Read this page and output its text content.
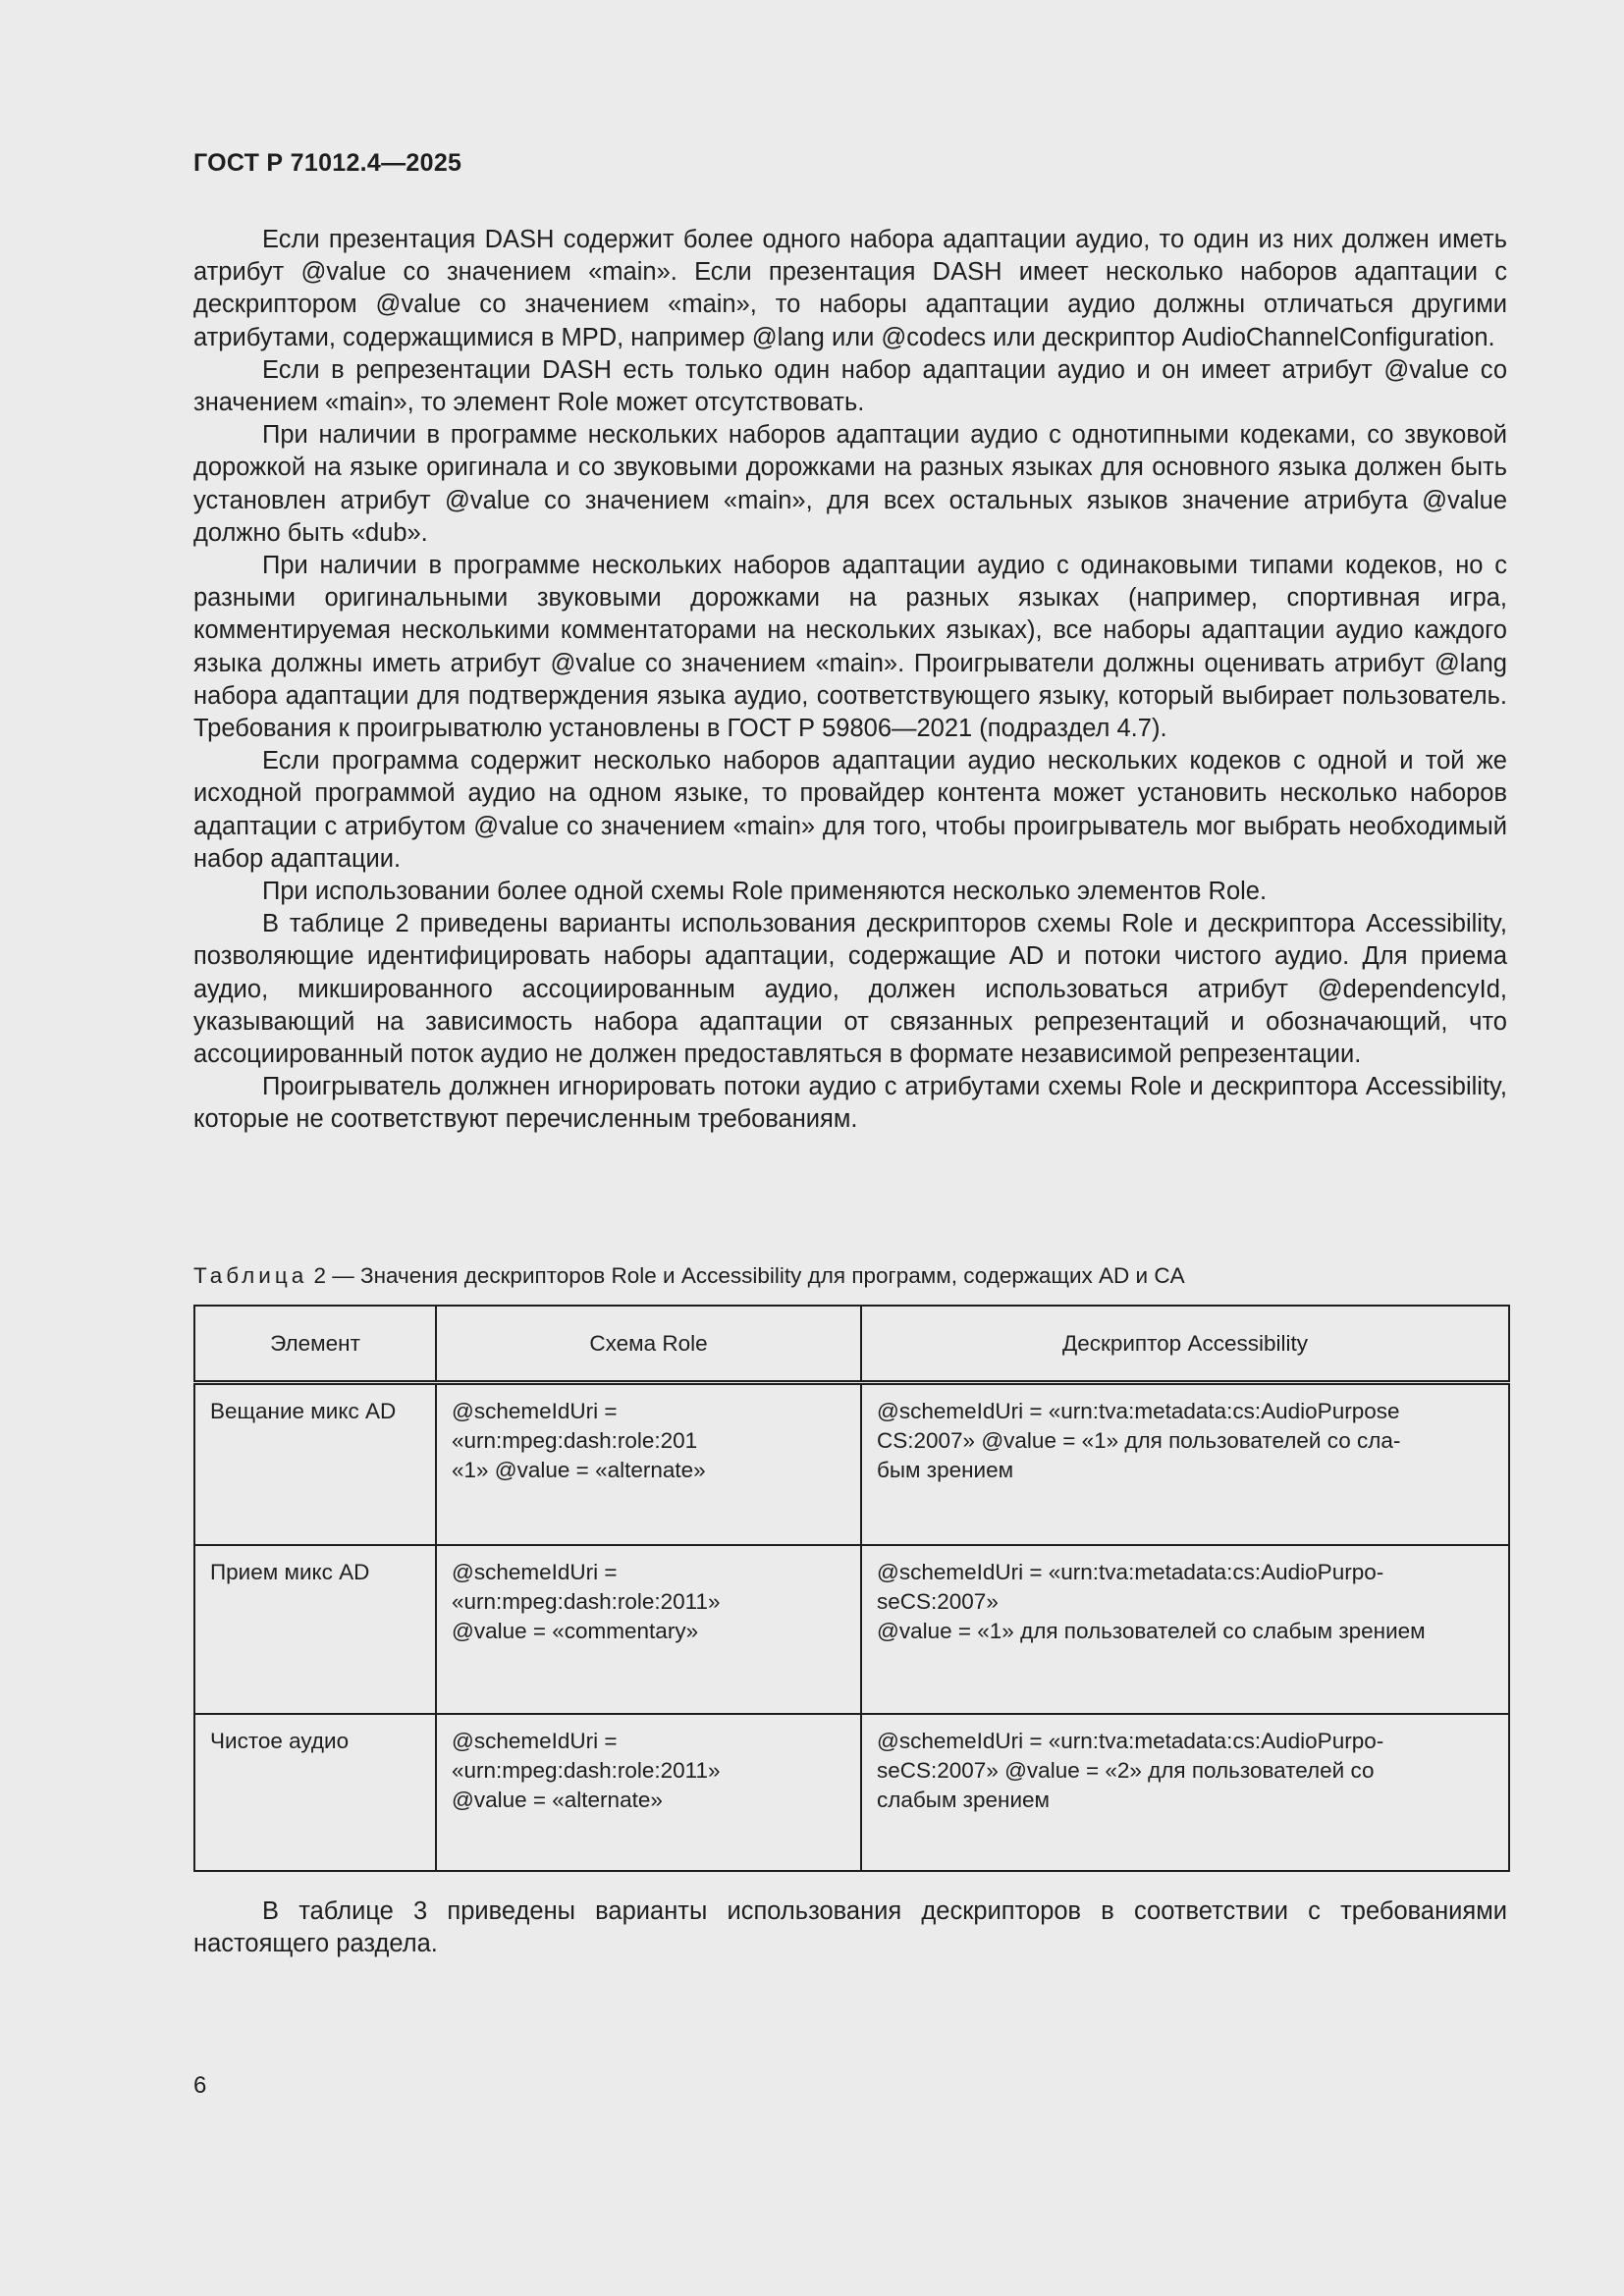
ГОСТ Р 71012.4—2025

Если презентация DASH содержит более одного набора адаптации аудио, то один из них должен иметь атрибут @value со значением «main». Если презентация DASH имеет несколько наборов адаптации с дескриптором @value со значением «main», то наборы адаптации аудио должны отличаться другими атрибутами, содержащимися в MPD, например @lang или @codecs или дескриптор AudioChannelConfiguration.

Если в репрезентации DASH есть только один набор адаптации аудио и он имеет атрибут @value со значением «main», то элемент Role может отсутствовать.

При наличии в программе нескольких наборов адаптации аудио с однотипными кодеками, со звуковой дорожкой на языке оригинала и со звуковыми дорожками на разных языках для основного языка должен быть установлен атрибут @value со значением «main», для всех остальных языков значение атрибута @value должно быть «dub».

При наличии в программе нескольких наборов адаптации аудио с одинаковыми типами кодеков, но с разными оригинальными звуковыми дорожками на разных языках (например, спортивная игра, комментируемая несколькими комментаторами на нескольких языках), все наборы адаптации аудио каждого языка должны иметь атрибут @value со значением «main». Проигрыватели должны оценивать атрибут @lang набора адаптации для подтверждения языка аудио, соответствующего языку, который выбирает пользователь. Требования к проигрыватюлю установлены в ГОСТ Р 59806—2021 (подраздел 4.7).

Если программа содержит несколько наборов адаптации аудио нескольких кодеков с одной и той же исходной программой аудио на одном языке, то провайдер контента может установить несколько наборов адаптации с атрибутом @value со значением «main» для того, чтобы проигрыватель мог выбрать необходимый набор адаптации.

При использовании более одной схемы Role применяются несколько элементов Role.

В таблице 2 приведены варианты использования дескрипторов схемы Role и дескриптора Accessibility, позволяющие идентифицировать наборы адаптации, содержащие AD и потоки чистого аудио. Для приема аудио, микшированного ассоциированным аудио, должен использоваться атрибут @dependencyId, указывающий на зависимость набора адаптации от связанных репрезентаций и обозначающий, что ассоциированный поток аудио не должен предоставляться в формате независимой репрезентации.

Проигрыватель должнен игнорировать потоки аудио с атрибутами схемы Role и дескриптора Accessibility, которые не соответствуют перечисленным требованиям.

Таблица 2 — Значения дескрипторов Role и Accessibility для программ, содержащих AD и CA
Элемент	Схема Role	Дескриптор Accessibility

Вещание микс AD	@schemeIdUri =
«urn:mpeg:dash:role:201
«1» @value = «alternate»	@schemeIdUri = «urn:tva:metadata:cs:AudioPurpose
CS:2007» @value = «1» для пользователей со сла-
бым зрением

Прием микс AD	@schemeIdUri =
«urn:mpeg:dash:role:2011»
@value = «commentary»	@schemeIdUri = «urn:tva:metadata:cs:AudioPurpo-
seCS:2007»
@value = «1» для пользователей со слабым зрением

Чистое аудио	@schemeIdUri =
«urn:mpeg:dash:role:2011»
@value = «alternate»	@schemeIdUri = «urn:tva:metadata:cs:AudioPurpo-
seCS:2007» @value = «2» для пользователей со
слабым зрением

В таблице 3 приведены варианты использования дескрипторов в соответствии с требованиями настоящего раздела.

6
